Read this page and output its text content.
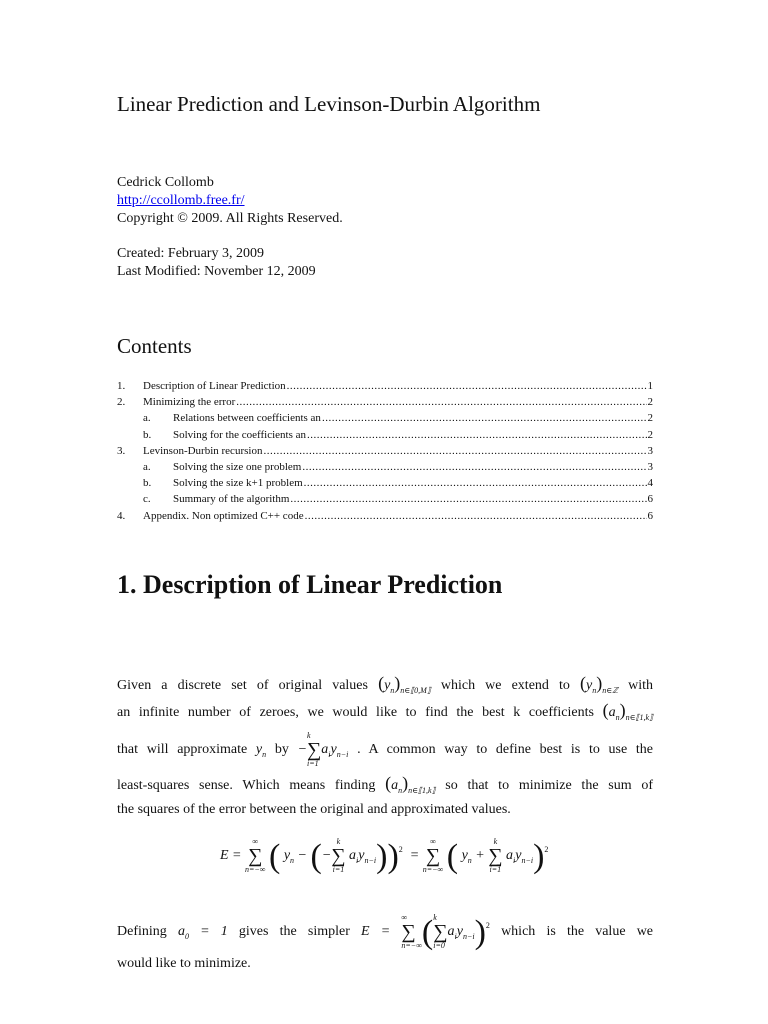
Linear Prediction and Levinson-Durbin Algorithm
Cedrick Collomb
http://ccollomb.free.fr/
Copyright © 2009. All Rights Reserved.
Created: February 3, 2009
Last Modified: November 12, 2009
Contents
1.	Description of Linear Prediction .....	1
2.	Minimizing the error .....	2
a.	Relations between coefficients an .....	2
b.	Solving for the coefficients an .....	2
3.	Levinson-Durbin recursion .....	3
a.	Solving the size one problem .....	3
b.	Solving the size k+1 problem .....	4
c.	Summary of the algorithm .....	6
4.	Appendix. Non optimized C++ code .....	6
1. Description of Linear Prediction
Given a discrete set of original values $(y_n)_{n\in⟦0,M⟧}$ which we extend to $(y_n)_{n\in ℤ}$ with
an infinite number of zeroes, we would like to find the best k coefficients $(a_n)_{n\in⟦1,k⟧}$
that will approximate $y_n$ by −
k
∑
i=1
$a_iy_{n-i}$ . A common way to define best is to use the
least-squares sense. Which means finding $(a_n)_{n\in⟦1,k⟧}$ so that to minimize the sum of
the squares of the error between the original and approximated values.
E =
∞
∑
n=−∞ ( $y_n$ − (−
k
∑
i=1
$a_iy_{n-i}))^2$  =
∞
∑
n=−∞ ( $y_n$ +
k
∑
i=1
$a_iy_{n-i})^2$
Defining $a_0 = 1$ gives the simpler E =
∞
∑
n=−∞ ( k
∑
i=0
$a_iy_{n-i})^2$ which is the value we
would like to minimize.
